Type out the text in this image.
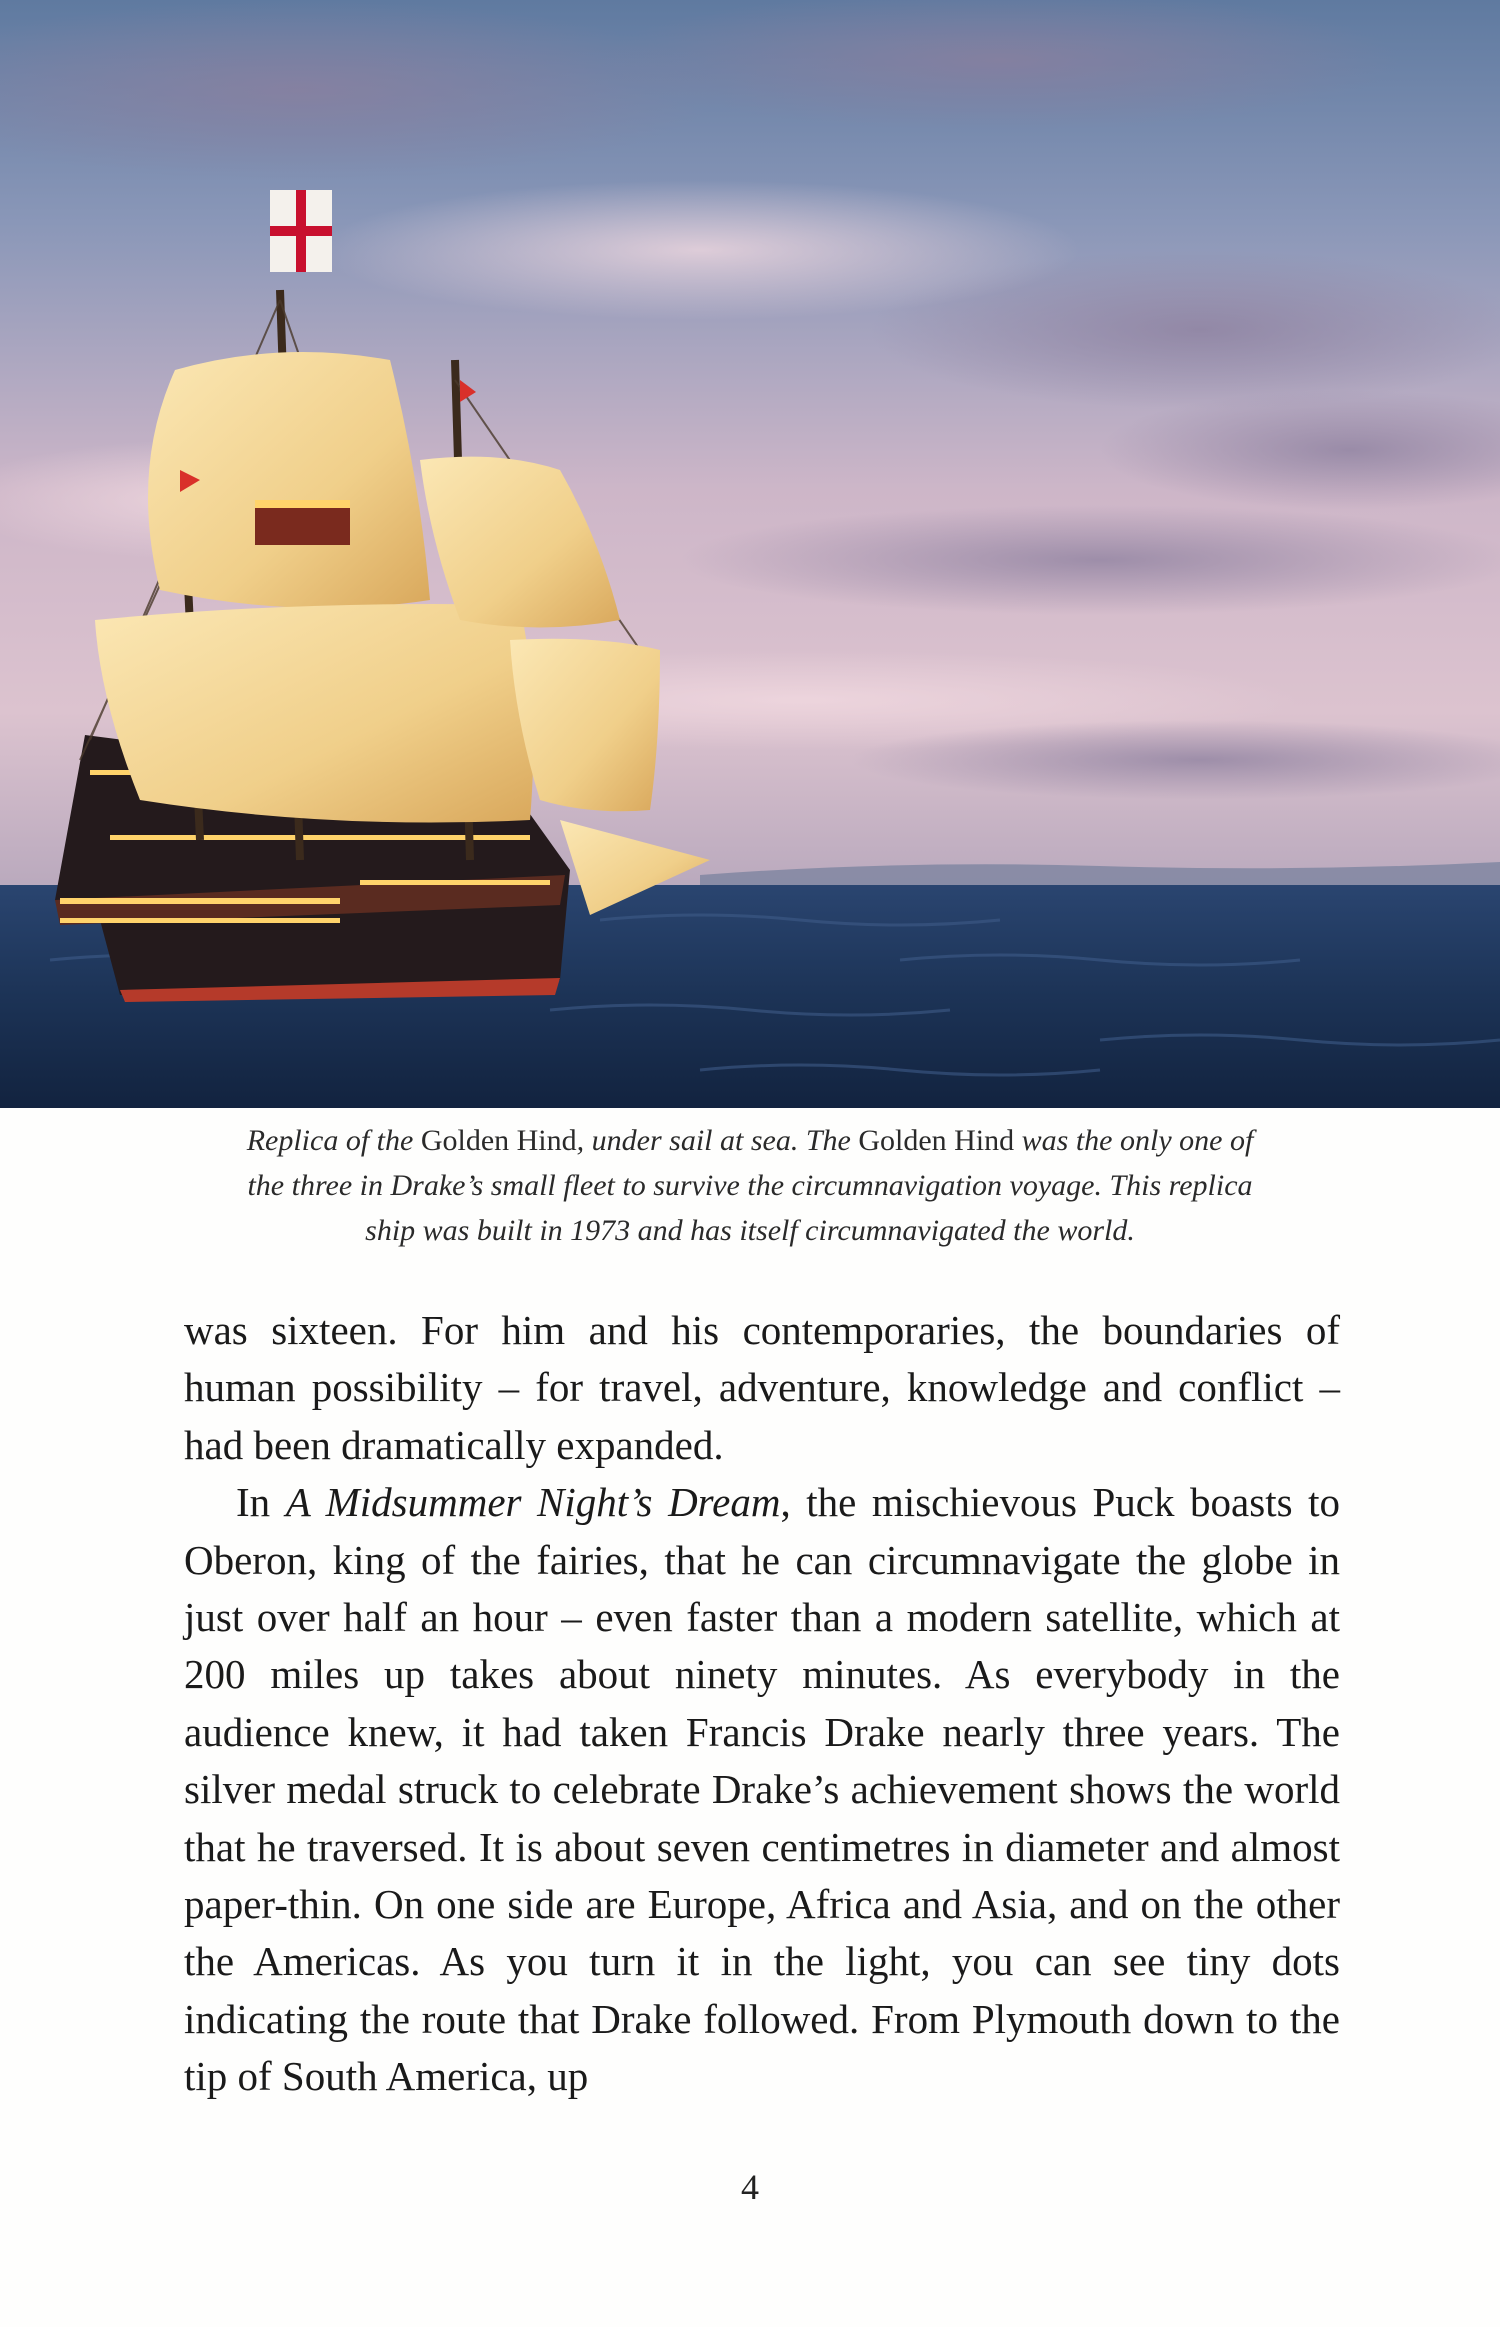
Replica of the Golden Hind, under sail at sea. The Golden Hind was the only one of
the three in Drake’s small fleet to survive the circumnavigation voyage. This replica
ship was built in 1973 and has itself circumnavigated the world.

was sixteen. For him and his contemporaries, the boundaries of human possibility – for travel, adventure, knowledge and conflict – had been dramatically expanded.

In A Midsummer Night’s Dream, the mischievous Puck boasts to Oberon, king of the fairies, that he can circumnavigate the globe in just over half an hour – even faster than a modern satellite, which at 200 miles up takes about ninety minutes. As everybody in the audience knew, it had taken Francis Drake nearly three years. The silver medal struck to celebrate Drake’s achievement shows the world that he traversed. It is about seven centimetres in diameter and almost paper-thin. On one side are Europe, Africa and Asia, and on the other the Americas. As you turn it in the light, you can see tiny dots indicating the route that Drake followed. From Plymouth down to the tip of South America, up

4
